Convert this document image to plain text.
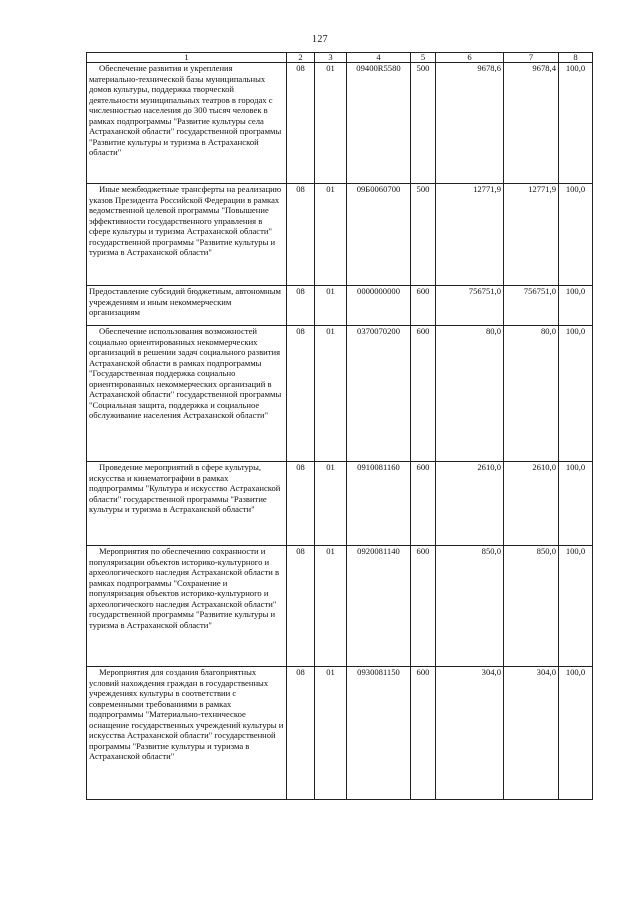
127
1	2	3	4	5	6	7	8
Обеспечение развития и укрепления материально-технической базы муниципальных домов культуры, поддержка творческой деятельности муниципальных театров в городах с численностью населения до 300 тысяч человек в рамках подпрограммы "Развитие культуры села Астраханской области" государственной программы "Развитие культуры и туризма в Астраханской области"	08	01	09400R5580	500	9678,6	9678,4	100,0
Иные межбюджетные трансферты на реализацию указов Президента Российской Федерации в рамках ведомственной целевой программы "Повышение эффективности государственного управления в сфере культуры и туризма Астраханской области" государственной программы "Развитие культуры и туризма в Астраханской области"	08	01	09Б0060700	500	12771,9	12771,9	100,0
Предоставление субсидий бюджетным, автономным учреждениям и иным некоммерческим организациям	08	01	0000000000	600	756751,0	756751,0	100,0
Обеспечение использования возможностей социально ориентированных некоммерческих организаций в решении задач социального развития Астраханской области в рамках подпрограммы "Государственная поддержка социально ориентированных некоммерческих организаций в Астраханской области" государственной программы "Социальная защита, поддержка и социальное обслуживание населения Астраханской области"	08	01	0370070200	600	80,0	80,0	100,0
Проведение мероприятий в сфере культуры, искусства и кинематографии в рамках подпрограммы "Культура и искусство Астраханской области" государственной программы "Развитие культуры и туризма в Астраханской области"	08	01	0910081160	600	2610,0	2610,0	100,0
Мероприятия по обеспечению сохранности и популяризации объектов историко-культурного и археологического наследия Астраханской области в рамках подпрограммы "Сохранение и популяризация объектов историко-культурного и археологического наследия Астраханской области" государственной программы "Развитие культуры и туризма в Астраханской области"	08	01	0920081140	600	850,0	850,0	100,0
Мероприятия для создания благоприятных условий нахождения граждан в государственных учреждениях культуры в соответствии с современными требованиями в рамках подпрограммы "Материально-техническое оснащение государственных учреждений культуры и искусства Астраханской области" государственной программы "Развитие культуры и туризма в Астраханской области"	08	01	0930081150	600	304,0	304,0	100,0
